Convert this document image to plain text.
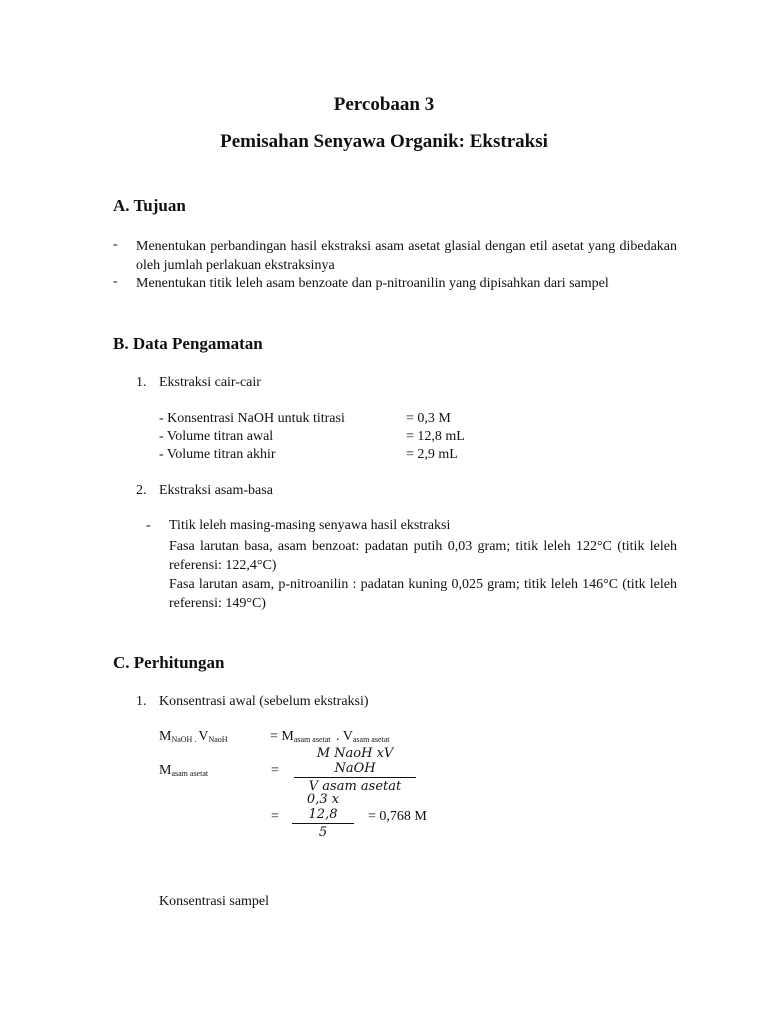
Percobaan 3
Pemisahan Senyawa Organik: Ekstraksi
A. Tujuan
- Menentukan perbandingan hasil ekstraksi asam asetat glasial dengan etil asetat yang dibedakan oleh jumlah perlakuan ekstraksinya
- Menentukan titik leleh asam benzoate dan p-nitroanilin yang dipisahkan dari sampel
B. Data Pengamatan
1. Ekstraksi cair-cair
- Konsentrasi NaOH untuk titrasi	= 0,3 M
- Volume titran awal	= 12,8 mL
- Volume titran akhir	= 2,9 mL
2. Ekstraksi asam-basa
- Titik leleh masing-masing senyawa hasil ekstraksi
Fasa larutan basa, asam benzoat: padatan putih 0,03 gram; titik leleh 122°C (titik leleh referensi: 122,4°C)
Fasa larutan asam, p-nitroanilin : padatan kuning 0,025 gram; titik leleh 146°C (titk leleh referensi: 149°C)
C. Perhitungan
1. Konsentrasi awal (sebelum ekstraksi)
$M_{NaOH}$ $_.$ $V_{NaoH}$	= $M_{asam asetat}$  . $V_{asam asetat}$
$M_{asam asetat}$	=
M NaoH xV NaOH
V asam asetat
= $\frac{0,3 x 12,8}{5} = 0,768$ M
Konsentrasi sampel
